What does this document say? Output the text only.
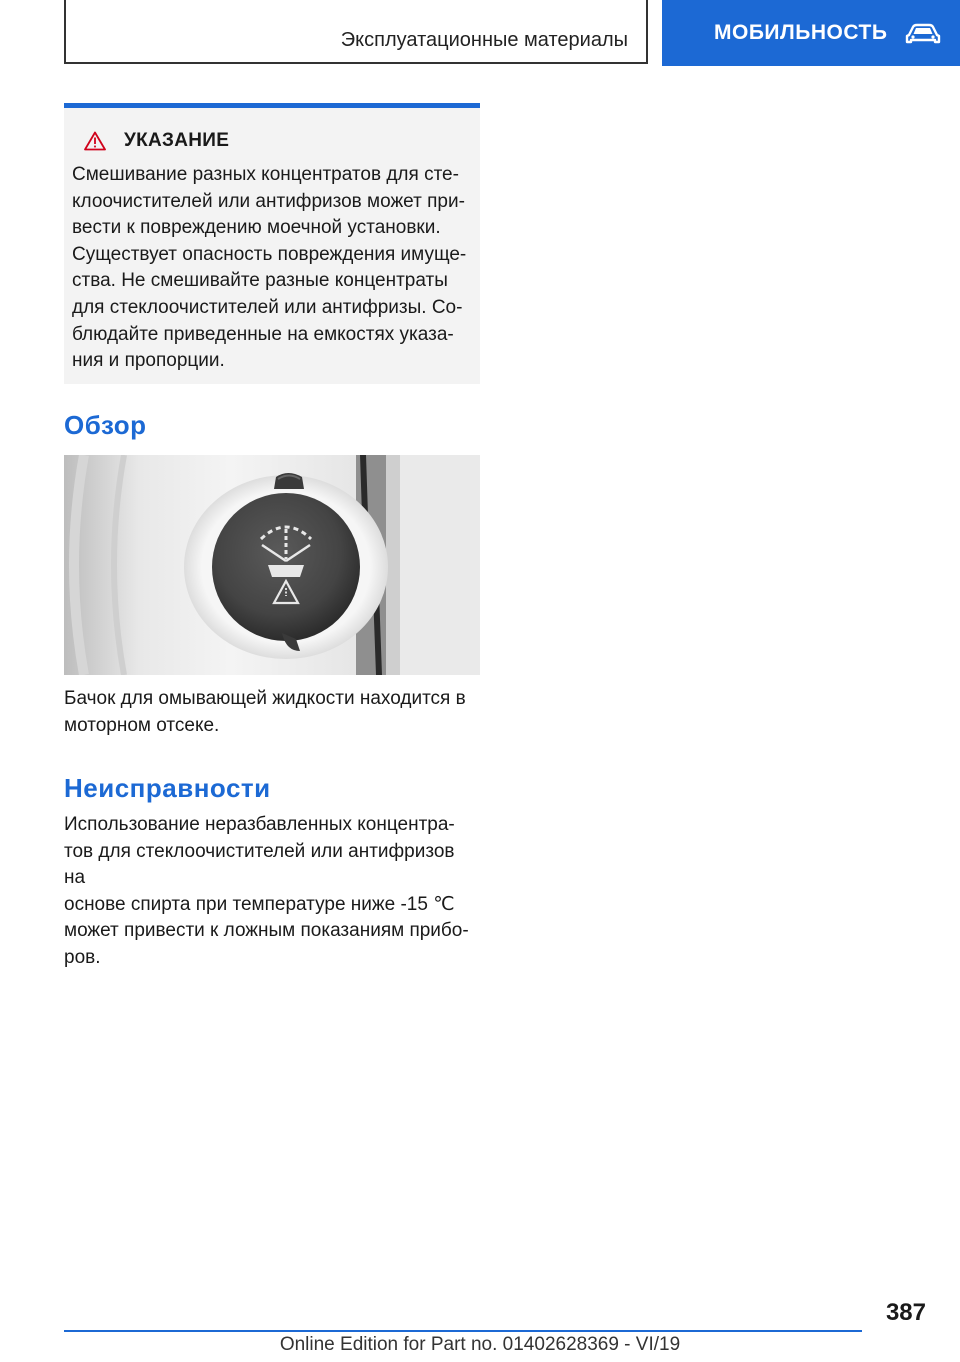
Эксплуатационные материалы	МОБИЛЬНОСТЬ
УКАЗАНИЕ

Смешивание разных концентратов для сте-
клоочистителей или антифризов может при-
вести к повреждению моечной установки.
Существует опасность повреждения имуще-
ства. Не смешивайте разные концентраты
для стеклоочистителей или антифризы. Со-
блюдайте приведенные на емкостях указа-
ния и пропорции.

Обзор

Бачок для омывающей жидкости находится в
моторном отсеке.

Неисправности

Использование неразбавленных концентра-
тов для стеклоочистителей или антифризов на
основе спирта при температуре ниже -15 ℃
может привести к ложным показаниям прибо-
ров.

387
Online Edition for Part no. 01402628369 - VI/19
